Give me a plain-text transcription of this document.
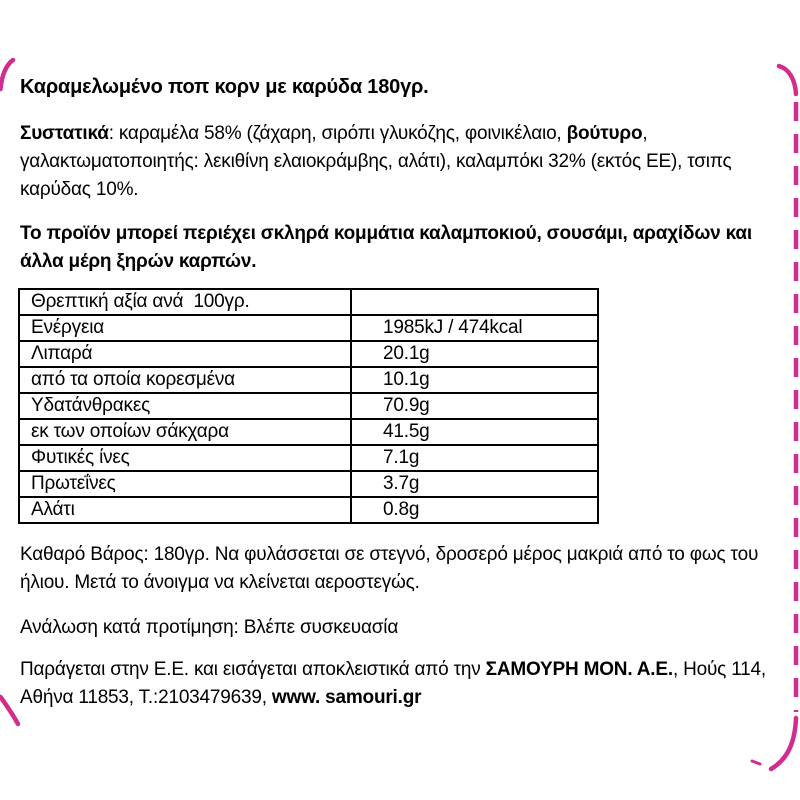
Καραμελωμένο ποπ κορν με καρύδα 180γρ.

Συστατικά: καραμέλα 58% (ζάχαρη, σιρόπι γλυκόζης, φοινικέλαιο, βούτυρο, γαλακτωματοποιητής: λεκιθίνη ελαιοκράμβης, αλάτι), καλαμπόκι 32% (εκτός ΕΕ), τσιπς καρύδας 10%.

Το προϊόν μπορεί περιέχει σκληρά κομμάτια καλαμποκιού, σουσάμι, αραχίδων και άλλα μέρη ξηρών καρπών.

Θρεπτική αξία ανά  100γρ.	
Ενέργεια	1985kJ / 474kcal
Λιπαρά	20.1g
από τα οποία κορεσμένα	10.1g
Υδατάνθρακες	70.9g
εκ των οποίων σάκχαρα	41.5g
Φυτικές ίνες	7.1g
Πρωτεΐνες	3.7g
Αλάτι	0.8g

Καθαρό Βάρος: 180γρ. Να φυλάσσεται σε στεγνό, δροσερό μέρος μακριά από το φως του ήλιου. Μετά το άνοιγμα να κλείνεται αεροστεγώς.

Ανάλωση κατά προτίμηση: Βλέπε συσκευασία

Παράγεται στην Ε.Ε. και εισάγεται αποκλειστικά από την ΣΑΜΟΥΡΗ ΜΟΝ. Α.Ε., Ηούς 114, Αθήνα 11853, Τ.:2103479639, www. samouri.gr
